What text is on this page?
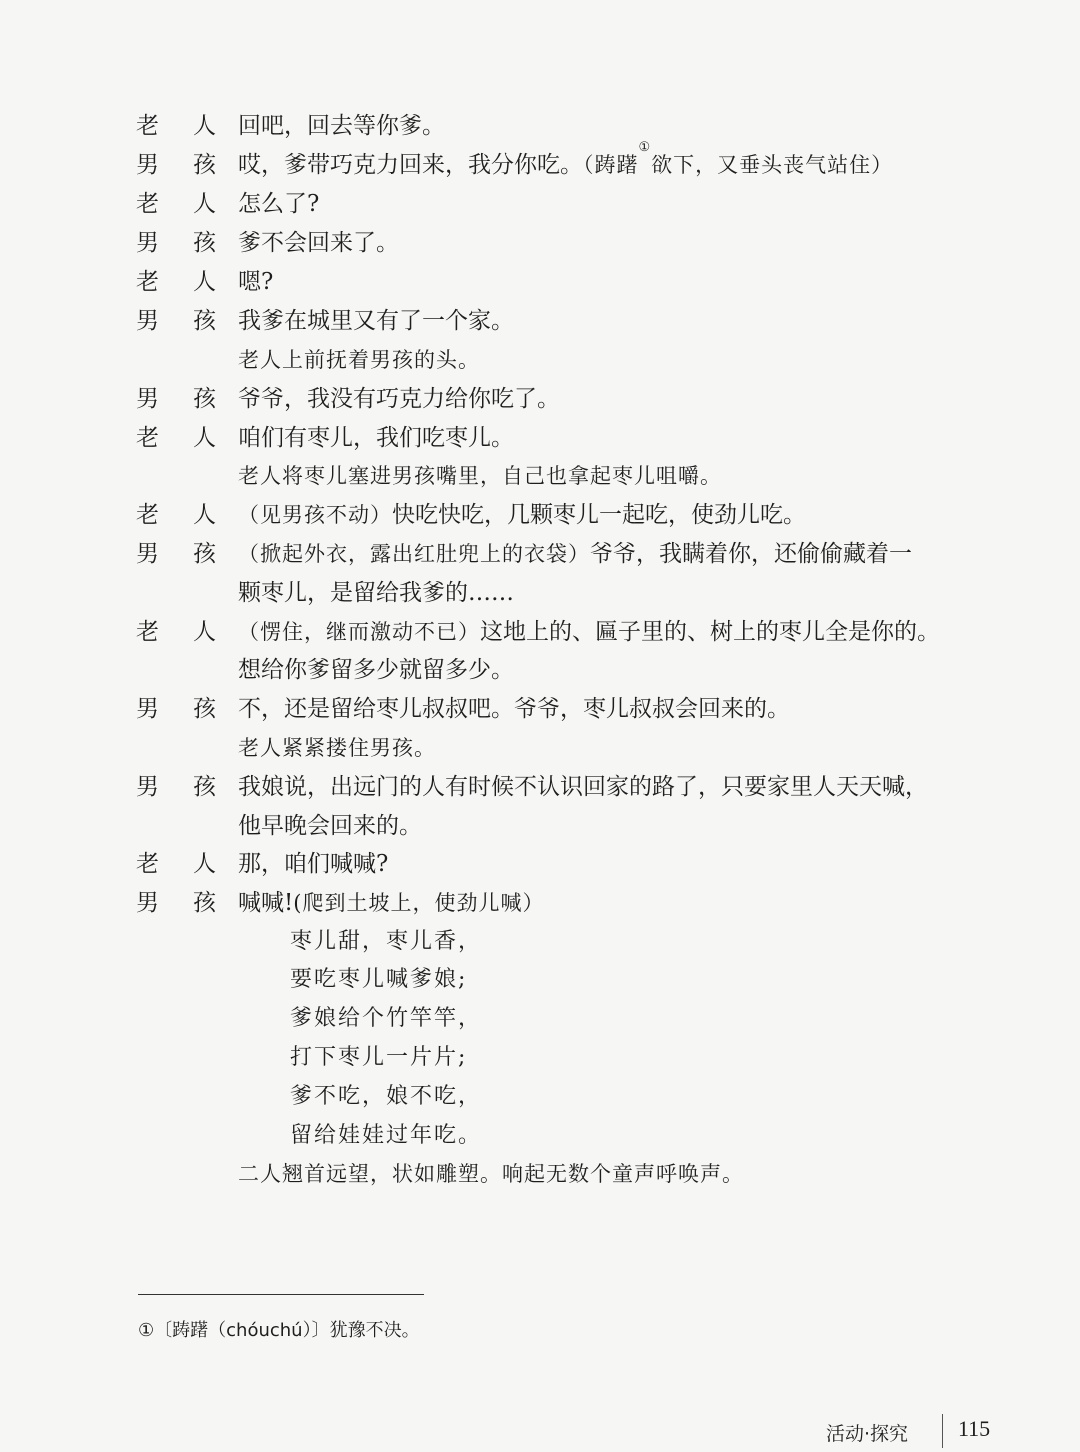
老 人 回吧，回去等你爹。
男 孩 哎，爹带巧克力回来，我分你吃。（踌躇①欲下，又垂头丧气站住）
老 人 怎么了?
男 孩 爹不会回来了。
老 人 嗯?
男 孩 我爹在城里又有了一个家。
老人上前抚着男孩的头。
男 孩 爷爷，我没有巧克力给你吃了。
老 人 咱们有枣儿，我们吃枣儿。
老人将枣儿塞进男孩嘴里，自己也拿起枣儿咀嚼。
老 人 （见男孩不动）快吃快吃，几颗枣儿一起吃，使劲儿吃。
男 孩 （掀起外衣，露出红肚兜上的衣袋）爷爷，我瞒着你，还偷偷藏着一
颗枣儿，是留给我爹的……
老 人 （愣住，继而激动不已）这地上的、匾子里的、树上的枣儿全是你的。
想给你爹留多少就留多少。
男 孩 不，还是留给枣儿叔叔吧。爷爷，枣儿叔叔会回来的。
老人紧紧搂住男孩。
男 孩 我娘说，出远门的人有时候不认识回家的路了，只要家里人天天喊，
他早晚会回来的。
老 人 那，咱们喊喊?
男 孩 喊喊!(爬到土坡上，使劲儿喊）
枣儿甜，枣儿香，
要吃枣儿喊爹娘;
爹娘给个竹竿竿，
打下枣儿一片片;
爹不吃，娘不吃，
留给娃娃过年吃。
二人翘首远望，状如雕塑。响起无数个童声呼唤声。
①〔踌躇（chóuchú）〕犹豫不决。
活动·探究 115
